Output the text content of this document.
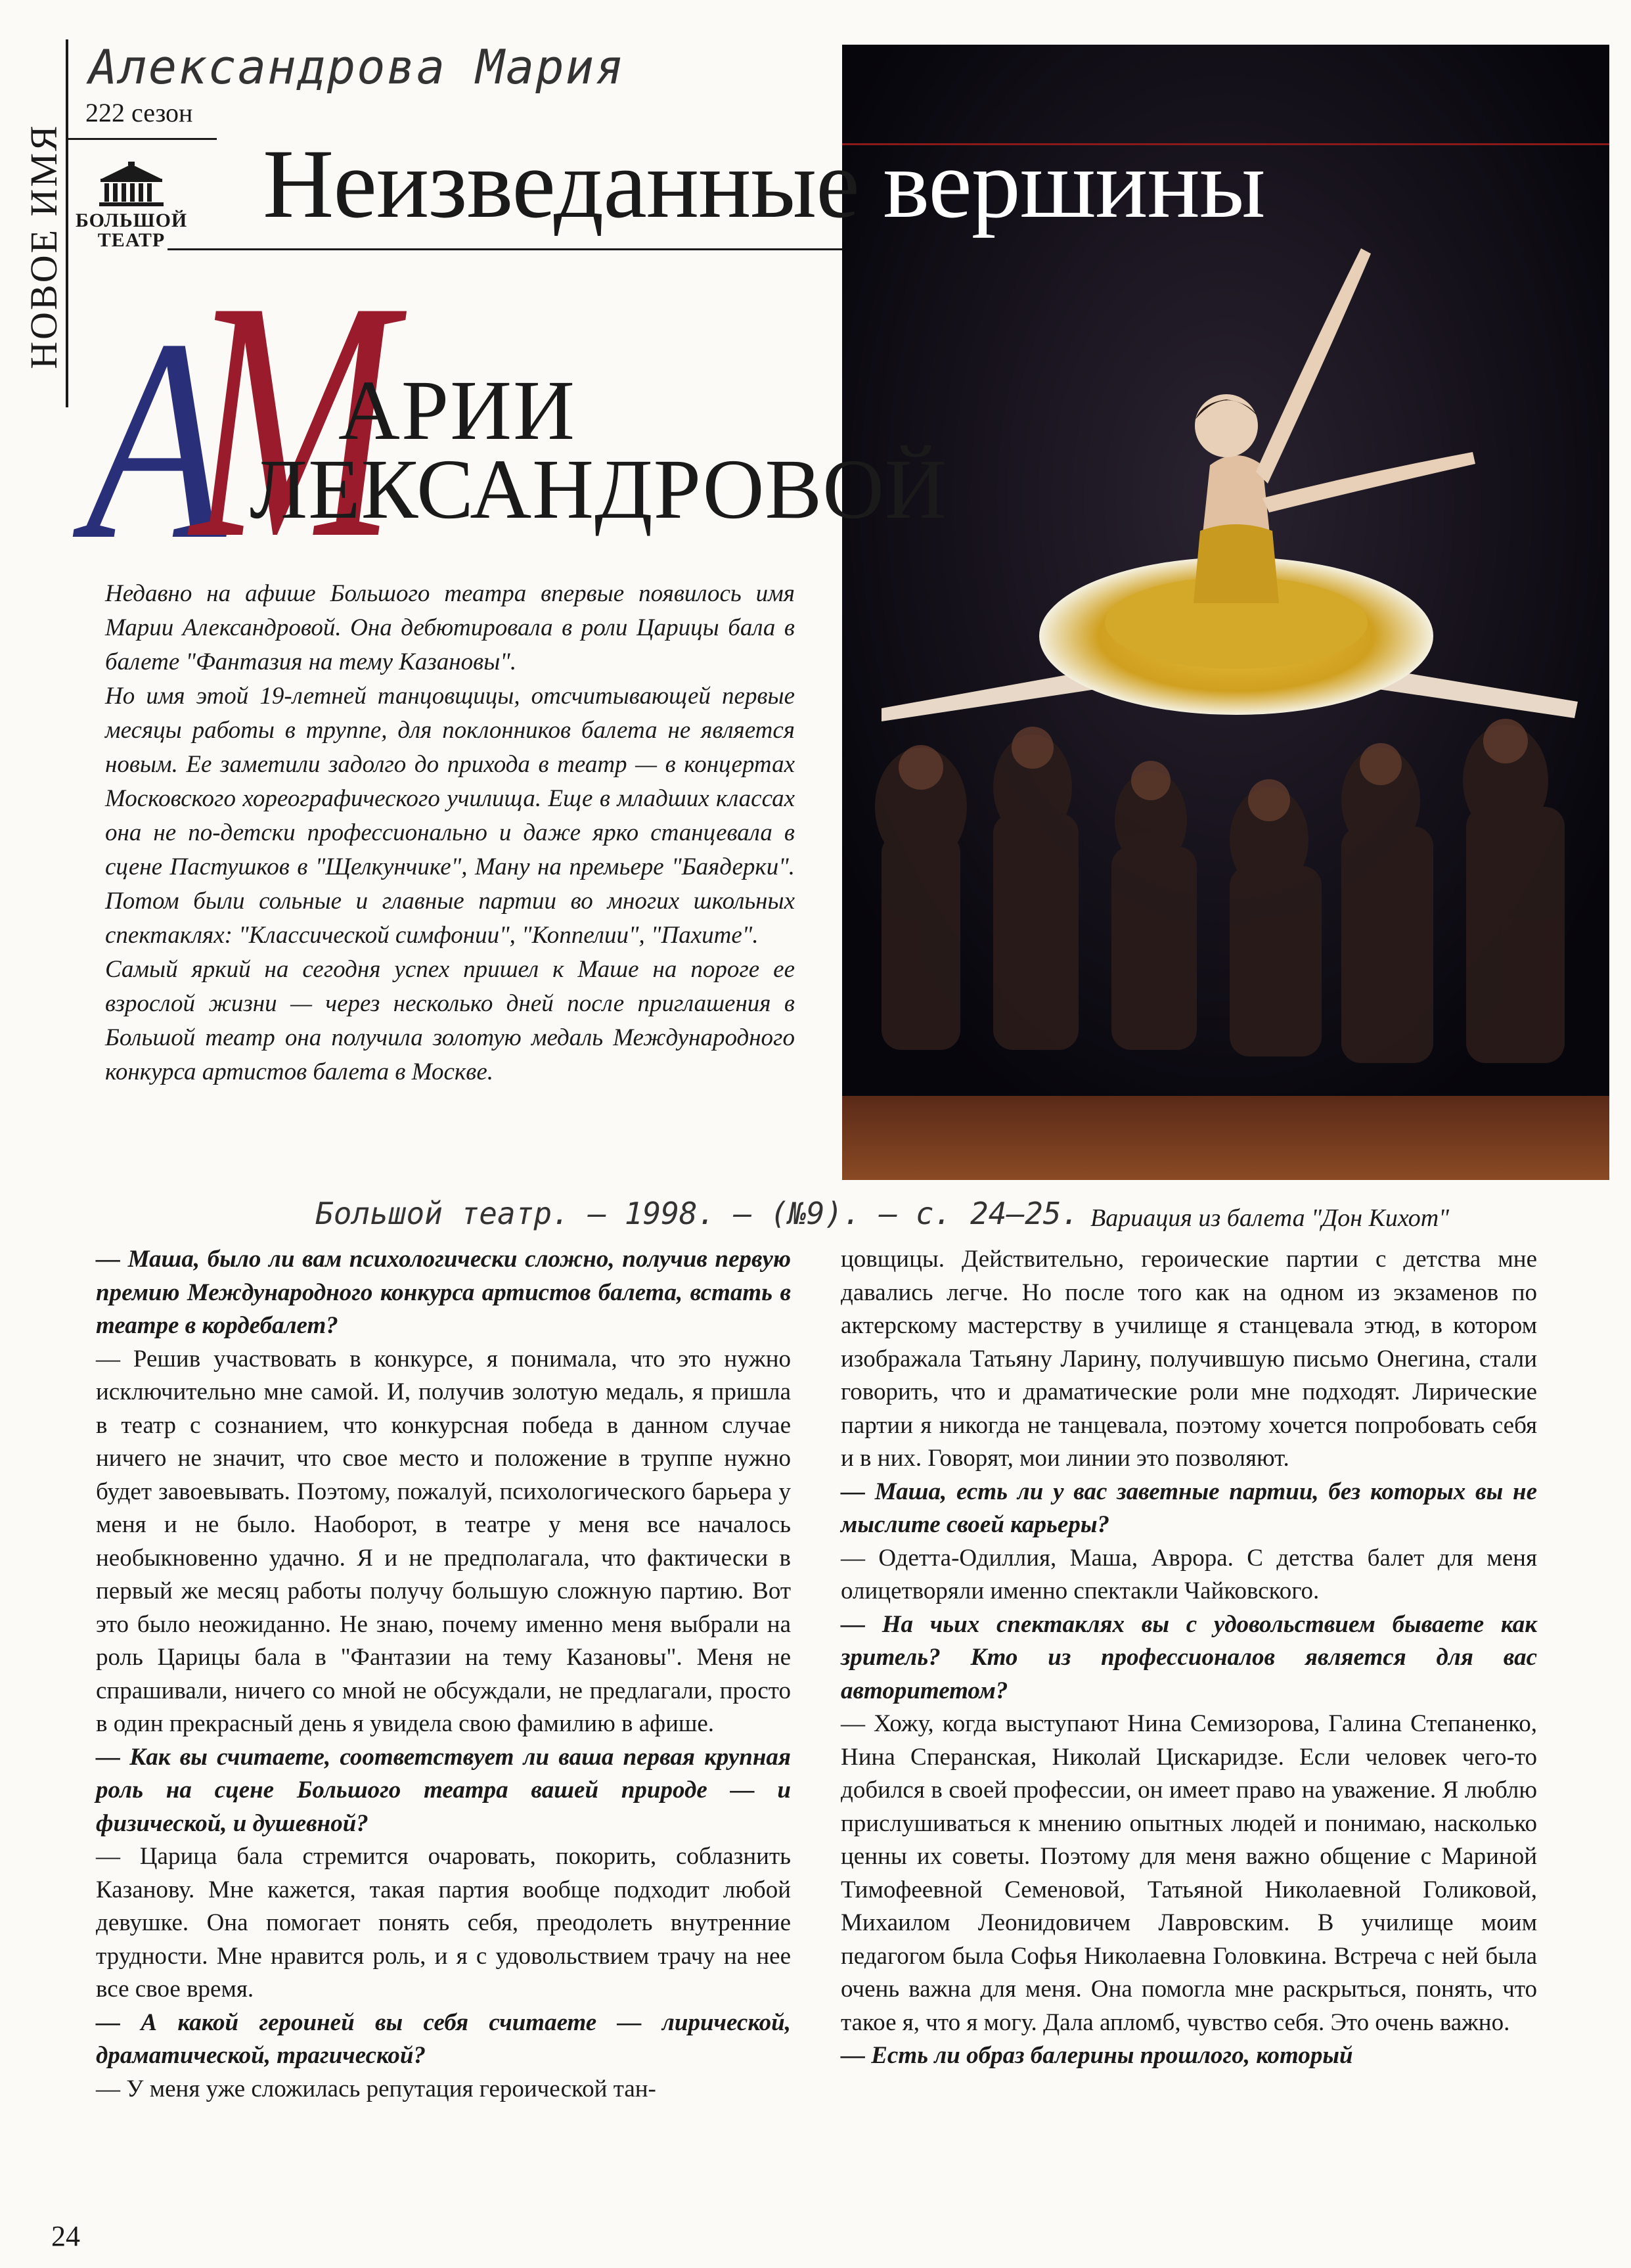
Александрова Мария
222 сезон
НОВОЕ ИМЯ БОЛЬШОЙ
ТЕАТР
Неизведанные вершины
А
М
АРИИ
ЛЕКСАНДРОВОЙ

Недавно на афише Большого театра впервые появилось имя Марии Александровой. Она дебютировала в роли Царицы бала в балете "Фантазия на тему Казановы".

Но имя этой 19-летней танцовщицы, отсчитывающей первые месяцы работы в труппе, для поклонников балета не является новым. Ее заметили задолго до прихода в театр — в концертах Московского хореографического училища. Еще в младших классах она не по-детски профессионально и даже ярко станцевала в сцене Пастушков в "Щелкунчике", Ману на премьере "Баядерки". Потом были сольные и главные партии во многих школьных спектаклях: "Классической симфонии", "Коппелии", "Пахите".

Самый яркий на сегодня успех пришел к Маше на пороге ее взрослой жизни — через несколько дней после приглашения в Большой театр она получила золотую медаль Международного конкурса артистов балета в Москве.

Большой театр. – 1998. – (№9). – с. 24–25. Вариация из балета "Дон Кихот"

— Маша, было ли вам психологически сложно, получив первую премию Международного конкурса артистов балета, встать в театре в кордебалет?

— Решив участвовать в конкурсе, я понимала, что это нужно исключительно мне самой. И, получив золотую медаль, я пришла в театр с сознанием, что конкурсная победа в данном случае ничего не значит, что свое место и положение в труппе нужно будет завоевывать. Поэтому, пожалуй, психологического барьера у меня и не было. Наоборот, в театре у меня все началось необыкновенно удачно. Я и не предполагала, что фактически в первый же месяц работы получу большую сложную партию. Вот это было неожиданно. Не знаю, почему именно меня выбрали на роль Царицы бала в "Фантазии на тему Казановы". Меня не спрашивали, ничего со мной не обсуждали, не предлагали, просто в один прекрасный день я увидела свою фамилию в афише.

— Как вы считаете, соответствует ли ваша первая крупная роль на сцене Большого театра вашей природе — и физической, и душевной?

— Царица бала стремится очаровать, покорить, соблазнить Казанову. Мне кажется, такая партия вообще подходит любой девушке. Она помогает понять себя, преодолеть внутренние трудности. Мне нравится роль, и я с удовольствием трачу на нее все свое время.

— А какой героиней вы себя считаете — лирической, драматической, трагической?

— У меня уже сложилась репутация героической тан-

цовщицы. Действительно, героические партии с детства мне давались легче. Но после того как на одном из экзаменов по актерскому мастерству в училище я станцевала этюд, в котором изображала Татьяну Ларину, получившую письмо Онегина, стали говорить, что и драматические роли мне подходят. Лирические партии я никогда не танцевала, поэтому хочется попробовать себя и в них. Говорят, мои линии это позволяют.

— Маша, есть ли у вас заветные партии, без которых вы не мыслите своей карьеры?

— Одетта-Одиллия, Маша, Аврора. С детства балет для меня олицетворяли именно спектакли Чайковского.

— На чьих спектаклях вы с удовольствием бываете как зритель? Кто из профессионалов является для вас авторитетом?

— Хожу, когда выступают Нина Семизорова, Галина Степаненко, Нина Сперанская, Николай Цискаридзе. Если человек чего-то добился в своей профессии, он имеет право на уважение. Я люблю прислушиваться к мнению опытных людей и понимаю, насколько ценны их советы. Поэтому для меня важно общение с Мариной Тимофеевной Семеновой, Татьяной Николаевной Голиковой, Михаилом Леонидовичем Лавровским. В училище моим педагогом была Софья Николаевна Головкина. Встреча с ней была очень важна для меня. Она помогла мне раскрыться, понять, что такое я, что я могу. Дала апломб, чувство себя. Это очень важно.

— Есть ли образ балерины прошлого, который

24
